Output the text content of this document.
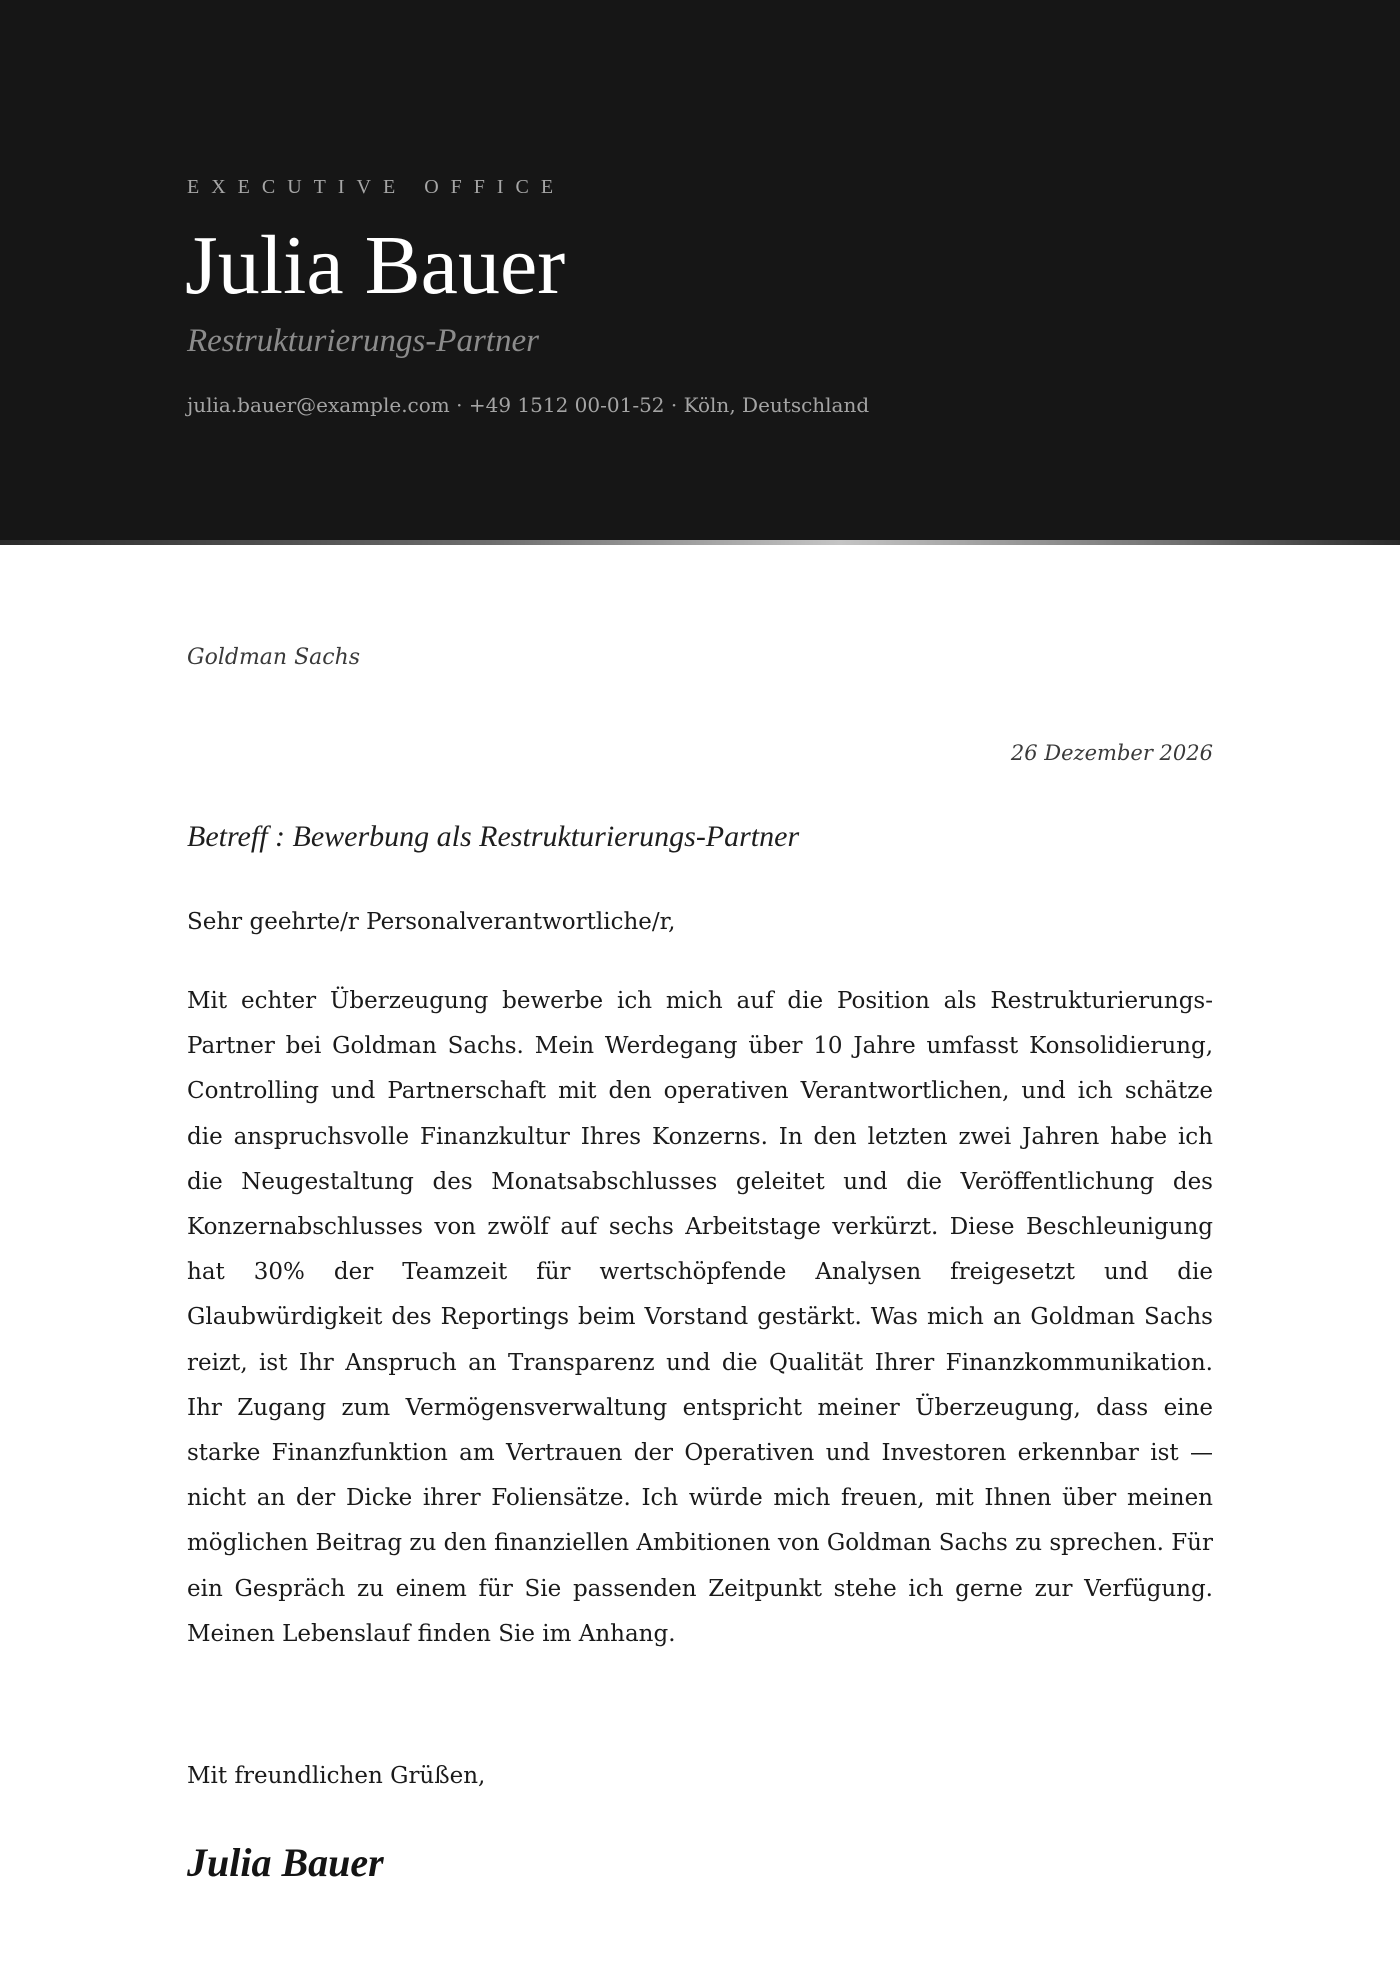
EXECUTIVE OFFICE
Julia Bauer
Restrukturierungs-Partner
julia.bauer@example.com · +49 1512 00-01-52 · Köln, Deutschland
Goldman Sachs
26 Dezember 2026
Betreff : Bewerbung als Restrukturierungs-Partner
Sehr geehrte/r Personalverantwortliche/r,

Mit echter Überzeugung bewerbe ich mich auf die Position als Restrukturierungs-Partner bei Goldman Sachs. Mein Werdegang über 10 Jahre umfasst Konsolidierung, Controlling und Partnerschaft mit den operativen Verantwortlichen, und ich schätze die anspruchsvolle Finanzkultur Ihres Konzerns. In den letzten zwei Jahren habe ich die Neugestaltung des Monatsabschlusses geleitet und die Veröffentlichung des Konzernabschlusses von zwölf auf sechs Arbeitstage verkürzt. Diese Beschleunigung hat 30% der Teamzeit für wertschöpfende Analysen freigesetzt und die Glaubwürdigkeit des Reportings beim Vorstand gestärkt. Was mich an Goldman Sachs reizt, ist Ihr Anspruch an Transparenz und die Qualität Ihrer Finanzkommunikation. Ihr Zugang zum Vermögensverwaltung entspricht meiner Überzeugung, dass eine starke Finanzfunktion am Vertrauen der Operativen und Investoren erkennbar ist — nicht an der Dicke ihrer Foliensätze. Ich würde mich freuen, mit Ihnen über meinen möglichen Beitrag zu den finanziellen Ambitionen von Goldman Sachs zu sprechen. Für ein Gespräch zu einem für Sie passenden Zeitpunkt stehe ich gerne zur Verfügung. Meinen Lebenslauf finden Sie im Anhang.

Mit freundlichen Grüßen,
Julia Bauer
